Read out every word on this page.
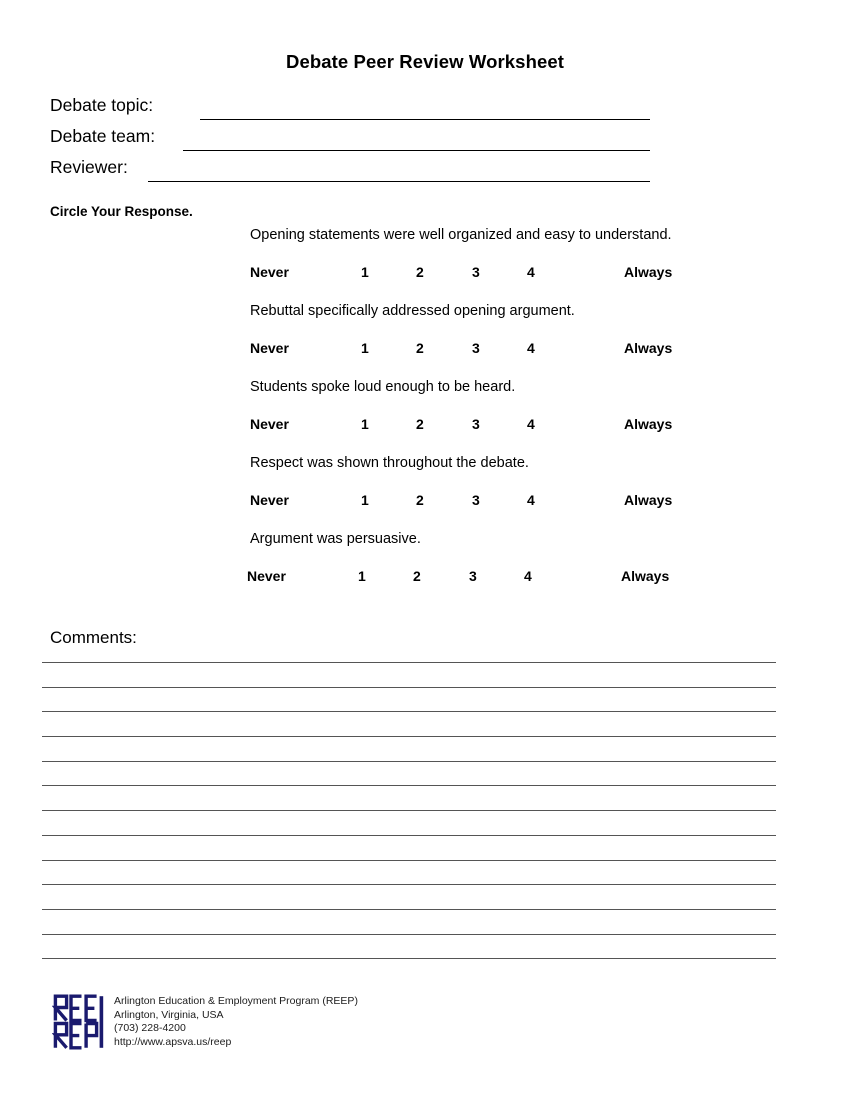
Debate Peer Review Worksheet
Debate topic:
Debate team:
Reviewer:
Circle Your Response.
Opening statements were well organized and easy to understand.
Never	1	2	3	4	Always
Rebuttal specifically addressed opening argument.
Never	1	2	3	4	Always
Students spoke loud enough to be heard.
Never	1	2	3	4	Always
Respect was shown throughout the debate.
Never	1	2	3	4	Always
Argument was persuasive.
Never	1	2	3	4	Always
Comments:
Arlington Education & Employment Program (REEP)
Arlington, Virginia, USA
(703) 228-4200
http://www.apsva.us/reep
